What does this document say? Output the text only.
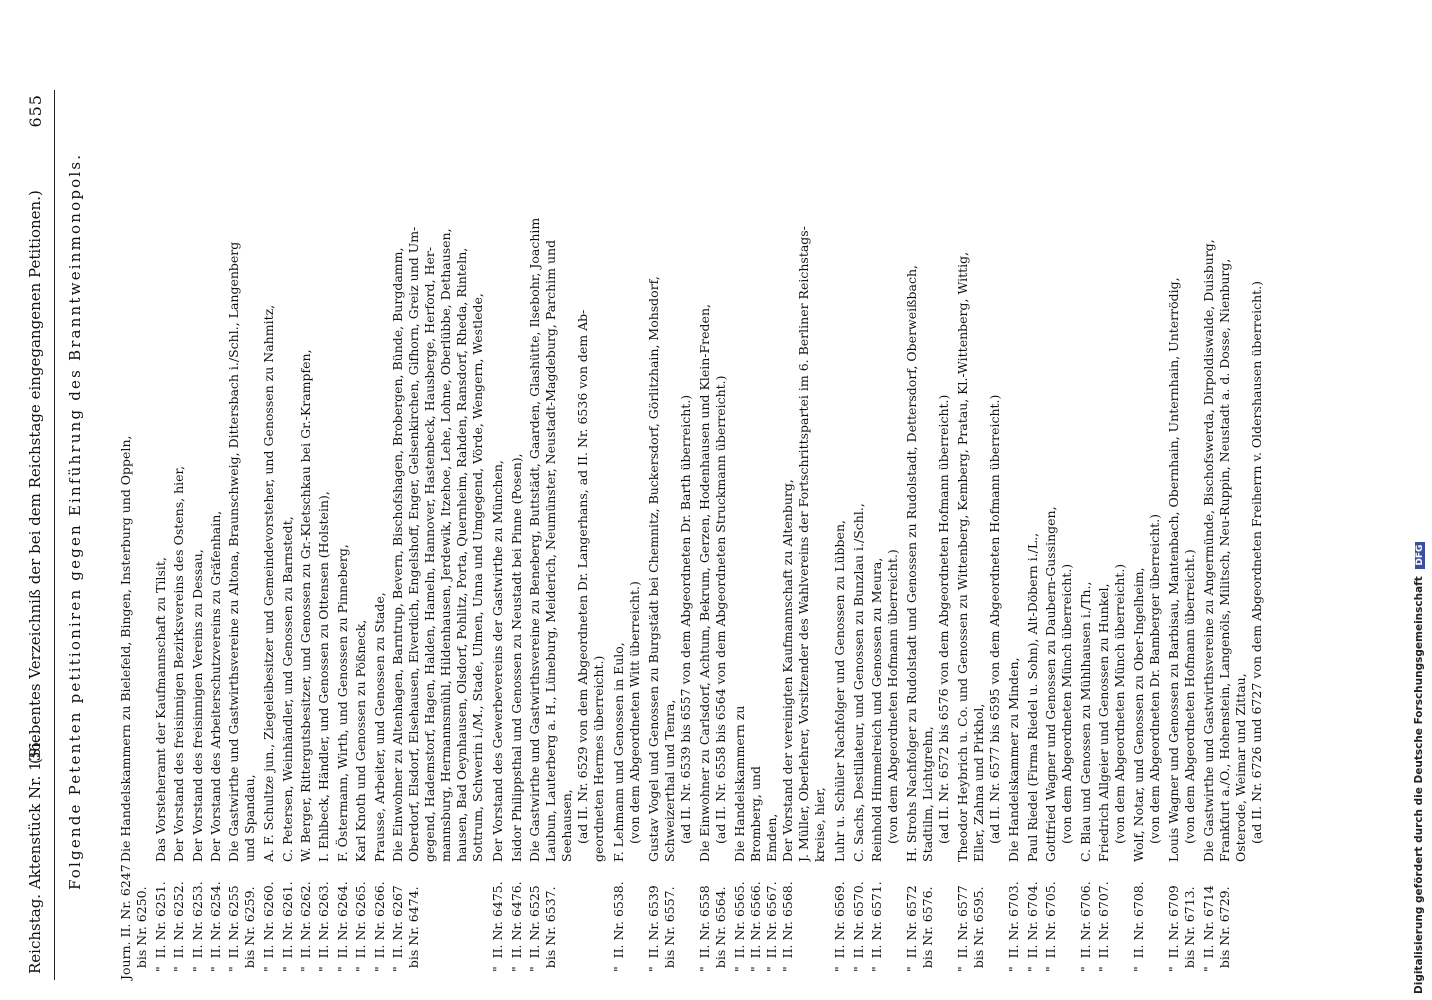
Reichstag. Aktenstück Nr. 136.
(Siebentes Verzeichniß der bei dem Reichstage eingegangenen Petitionen.)
655
Folgende Petenten petitioniren gegen Einführung des Branntweinmonopols.
Journ. II. Nr. 6247
bis Nr. 6250.
Die Handelskammern zu Bielefeld, Bingen, Insterburg und Oppeln,
"  II. Nr. 6251.
Das Vorsteheramt der Kaufmannschaft zu Tilsit,
"  II. Nr. 6252.
Der Vorstand des freisinnigen Bezirksvereins des Ostens, hier,
"  II. Nr. 6253.
Der Vorstand des freisinnigen Vereins zu Dessau,
"  II. Nr. 6254.
Der Vorstand des Arbeiterschutzvereins zu Gräfenhain,
"  II. Nr. 6255
bis Nr. 6259.
Die Gastwirthe und Gastwirthsvereine zu Altona, Braunschweig, Dittersbach i./Schl., Langenberg und Spandau,
"  II. Nr. 6260.
A. F. Schultze jun., Ziegeleibesitzer und Gemeindevorsteher, und Genossen zu Nahmitz,
"  II. Nr. 6261.
C. Petersen, Weinhändler, und Genossen zu Barnstedt,
"  II. Nr. 6262.
W. Berger, Rittergutsbesitzer, und Genossen zu Gr.-Kletschkau bei Gr.-Krampfen,
"  II. Nr. 6263.
I. Ehlbeck, Händler, und Genossen zu Ottensen (Holstein),
"  II. Nr. 6264.
F. Östermann, Wirth, und Genossen zu Pinneberg,
"  II. Nr. 6265.
Karl Knoth und Genossen zu Pößneck,
"  II. Nr. 6266.
Prausse, Arbeiter, und Genossen zu Stade,
"  II. Nr. 6267
bis Nr. 6474.
Die Einwohner zu Altenhagen, Barntrup, Bevern, Bischofshagen, Brobergen, Bünde, Burgdamm, Oberdorf, Elsdorf, Elsehausen, Elverdich, Engelshoff, Enger, Gelsenkirchen, Gifhorn, Greiz und Um- gegend, Hademstorf, Hagen, Halden, Hameln, Hannover, Hastenbeck, Hausberge, Herford, Her- mannsburg, Hermannsmühl, Hildenhausen, Jerdewik, Itzehoe, Lehe, Lohne, Oberlübbe, Dethausen, hausen, Bad Oeynhausen, Olsdorf, Pohlitz, Porta, Quernheim, Rahden, Ransdorf, Rheda, Rinteln, Sottrum, Schwerin i./M., Stade, Ulmen, Unna und Umgegend, Vörde, Wengern, Westlede,
"  II. Nr. 6475.
Der Vorstand des Gewerbevereins der Gastwirthe zu München,
"  II. Nr. 6476.
Isidor Philippsthal und Genossen zu Neustadt bei Pinne (Posen),
"  II. Nr. 6525
bis Nr. 6537.
Die Gastwirthe und Gastwirthsvereine zu Beneberg, Buttstädt, Gaarden, Glashütte, Ilsebohr, Joachim Laubun, Lauterberg a. H., Lüneburg, Meiderich, Neumünster, Neustadt-Magdeburg, Parchim und Seehausen, (ad II. Nr. 6529 von dem Abgeordneten Dr. Langerhans, ad II. Nr. 6536 von dem Ab- geordneten Hermes überreicht.)
"  II. Nr. 6538.
F. Lehmann und Genossen in Eulo, (von dem Abgeordneten Witt überreicht.)
"  II. Nr. 6539
bis Nr. 6557.
Gustav Vogel und Genossen zu Burgstädt bei Chemnitz, Buckersdorf, Görlitzhain, Mohsdorf, Schweizerthal und Tenra, (ad II. Nr. 6539 bis 6557 von dem Abgeordneten Dr. Barth überreicht.)
"  II. Nr. 6558
bis Nr. 6564.
Die Einwohner zu Carlsdorf, Achtum, Bekrum, Gerzen, Hodenhausen und Klein-Freden, (ad II. Nr. 6558 bis 6564 von dem Abgeordneten Struckmann überreicht.)
"  II. Nr. 6565.
"  II. Nr. 6566.
"  II. Nr. 6567.
"  II. Nr. 6568.
Die Handelskammern zu Bromberg, und Emden, Der Vorstand der vereinigten Kaufmannschaft zu Altenburg, J. Müller, Oberlehrer, Vorsitzender des Wahlvereins der Fortschrittspartei im 6. Berliner Reichstags- kreise, hier,
"  II. Nr. 6569.
Luhr u. Schüler Nachfolger und Genossen zu Lübben,
"  II. Nr. 6570.
C. Sachs, Destillateur, und Genossen zu Bunzlau i./Schl.,
"  II. Nr. 6571.
Reinhold Himmelreich und Genossen zu Meura, (von dem Abgeordneten Hofmann überreicht.)
"  II. Nr. 6572
bis Nr. 6576.
H. Strohs Nachfolger zu Rudolstadt und Genossen zu Rudolstadt, Dettersdorf, Oberweißbach, Stadtilm, Lichtgrehn, (ad II. Nr. 6572 bis 6576 von dem Abgeordneten Hofmann überreicht.)
"  II. Nr. 6577
bis Nr. 6595.
Theodor Heybrich u. Co. und Genossen zu Wittenberg, Kemberg, Pratau, Kl.-Wittenberg, Wittig, Eller, Zahna und Pirkhol, (ad II. Nr. 6577 bis 6595 von dem Abgeordneten Hofmann überreicht.)
"  II. Nr. 6703.
Die Handelskammer zu Minden,
"  II. Nr. 6704.
Paul Riedel (Firma Riedel u. Sohn), Alt-Döbern i./L.,
"  II. Nr. 6705.
Gottfried Wagner und Genossen zu Daubern-Gussingen, (von dem Abgeordneten Münch überreicht.)
"  II. Nr. 6706.
C. Blau und Genossen zu Mühlhausen i./Th.,
"  II. Nr. 6707.
Friedrich Allgeier und Genossen zu Hunkel, (von dem Abgeordneten Münch überreicht.)
"  II. Nr. 6708.
Wolf, Notar, und Genossen zu Ober-Ingelheim, (von dem Abgeordneten Dr. Bamberger überreicht.)
"  II. Nr. 6709
bis Nr. 6713.
Louis Wagner und Genossen zu Barbisau, Mantenbach, Obernhain, Unternhain, Unterrödig, (von dem Abgeordneten Hofmann überreicht.)
"  II. Nr. 6714
bis Nr. 6729.
Die Gastwirthe und Gastwirthsvereine zu Angermünde, Bischofswerda, Dirpoldiswalde, Duisburg, Frankfurt a./O., Hohenstein, Langenöls, Militsch, Neu-Ruppin, Neustadt a. d. Dosse, Nienburg, Osterode, Weimar und Zittau, (ad II. Nr. 6726 und 6727 von dem Abgeordneten Freiherrn v. Oldershausen überreicht.)	Digitalisierung gefördert durch die Deutsche Forschungsgemeinschaft DFG
